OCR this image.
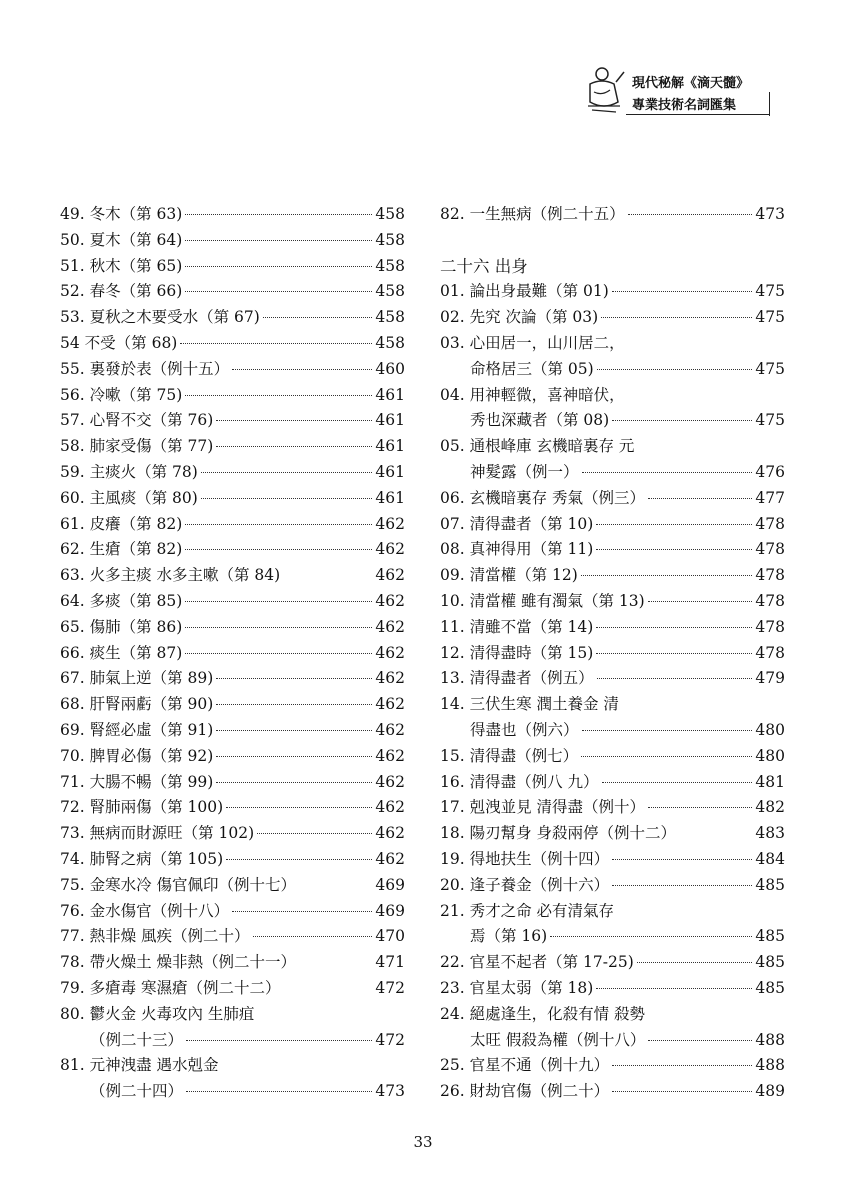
現代秘解《滴天髓》
專業技術名詞匯集
49. 冬木（第 63)	458
50. 夏木（第 64)	458
51. 秋木（第 65)	458
52. 春冬（第 66)	458
53. 夏秋之木要受水（第 67)	458
54 不受（第 68)	458
55. 裏發於表（例十五）	460
56. 冷嗽（第 75)	461
57. 心腎不交（第 76)	461
58. 肺家受傷（第 77)	461
59. 主痰火（第 78)	461
60. 主風痰（第 80)	461
61. 皮癢（第 82)	462
62. 生瘡（第 82)	462
63. 火多主痰 水多主嗽（第 84)	462
64. 多痰（第 85)	462
65. 傷肺（第 86)	462
66. 痰生（第 87)	462
67. 肺氣上逆（第 89)	462
68. 肝腎兩虧（第 90)	462
69. 腎經必虛（第 91)	462
70. 脾胃必傷（第 92)	462
71. 大腸不暢（第 99)	462
72. 腎肺兩傷（第 100)	462
73. 無病而財源旺（第 102)	462
74. 肺腎之病（第 105)	462
75. 金寒水冷 傷官佩印（例十七）	469
76. 金水傷官（例十八）	469
77. 熱非燥 風疾（例二十）	470
78. 帶火燥土 燥非熱（例二十一）	471
79. 多瘡毒 寒濕瘡（例二十二）	472
80. 鬱火金 火毒攻內 生肺疽
（例二十三）	472
81. 元神洩盡 遇水剋金
（例二十四）	473
82. 一生無病（例二十五）	473
二十六 出身
01. 論出身最難（第 01)	475
02. 先究 次論（第 03)	475
03. 心田居一，山川居二，
命格居三（第 05)	475
04. 用神輕微，喜神暗伏，
秀也深藏者（第 08)	475
05. 通根峰庫 玄機暗裏存 元
神髮露（例一）	476
06. 玄機暗裏存 秀氣（例三）	477
07. 清得盡者（第 10)	478
08. 真神得用（第 11)	478
09. 清當權（第 12)	478
10. 清當權 雖有濁氣（第 13)	478
11. 清雖不當（第 14)	478
12. 清得盡時（第 15)	478
13. 清得盡者（例五）	479
14. 三伏生寒 潤土養金 清
得盡也（例六）	480
15. 清得盡（例七）	480
16. 清得盡（例八 九）	481
17. 剋洩並見 清得盡（例十）	482
18. 陽刃幫身 身殺兩停（例十二）	483
19. 得地扶生（例十四）	484
20. 逢子養金（例十六）	485
21. 秀才之命 必有清氣存
焉（第 16)	485
22. 官星不起者（第 17-25)	485
23. 官星太弱（第 18)	485
24. 絕處逢生，化殺有情 殺勢
太旺 假殺為權（例十八）	488
25. 官星不通（例十九）	488
26. 財劫官傷（例二十）	489
33
